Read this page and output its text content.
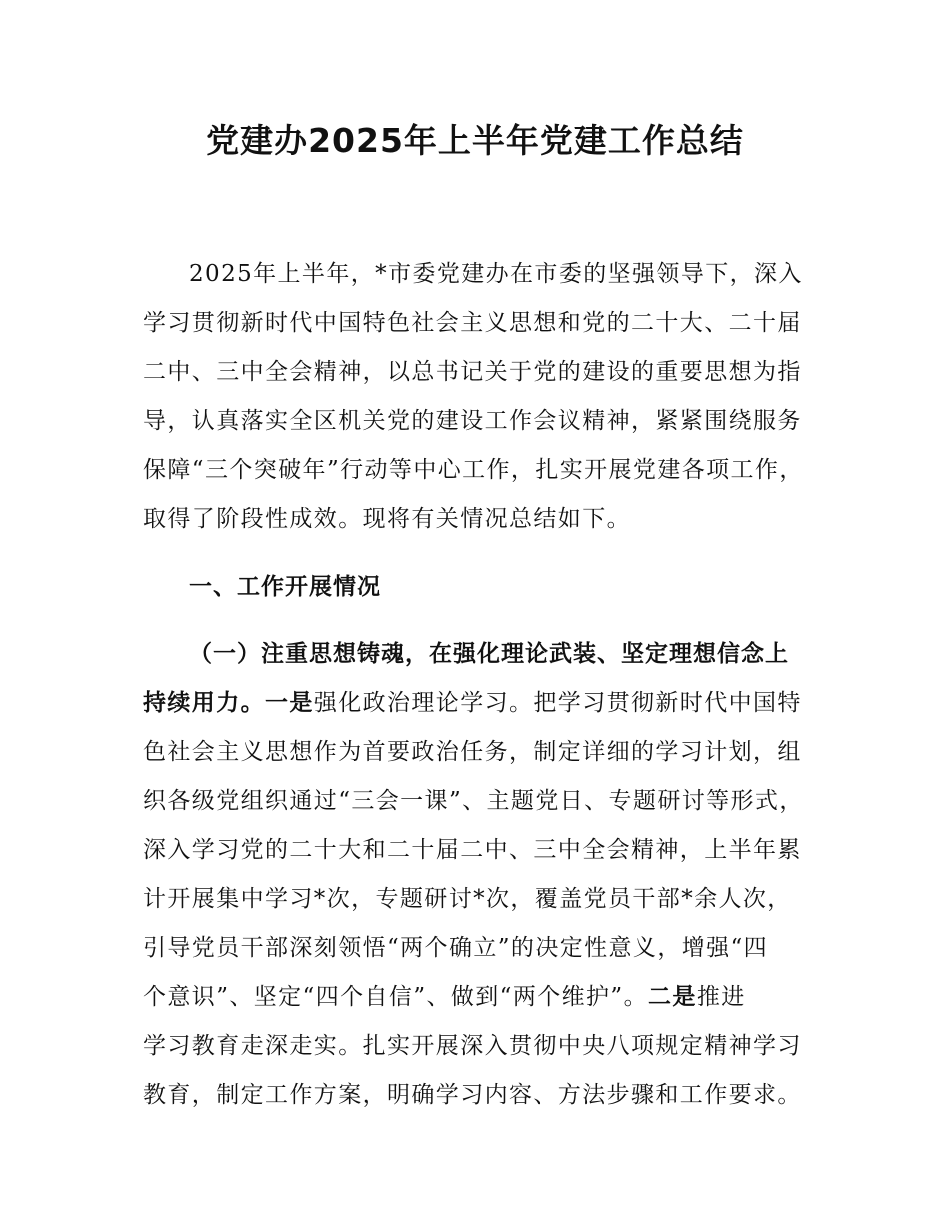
党建办2025年上半年党建工作总结
2025年上半年，*市委党建办在市委的坚强领导下，深入
学习贯彻新时代中国特色社会主义思想和党的二十大、二十届
二中、三中全会精神，以总书记关于党的建设的重要思想为指
导，认真落实全区机关党的建设工作会议精神，紧紧围绕服务
保障“三个突破年”行动等中心工作，扎实开展党建各项工作，
取得了阶段性成效。现将有关情况总结如下。
一、工作开展情况
（一）注重思想铸魂，在强化理论武装、坚定理想信念上
持续用力。一是强化政治理论学习。把学习贯彻新时代中国特
色社会主义思想作为首要政治任务，制定详细的学习计划，组
织各级党组织通过“三会一课”、主题党日、专题研讨等形式，
深入学习党的二十大和二十届二中、三中全会精神，上半年累
计开展集中学习*次，专题研讨*次，覆盖党员干部*余人次，
引导党员干部深刻领悟“两个确立”的决定性意义，增强“四
个意识”、坚定“四个自信”、做到“两个维护”。二是推进
学习教育走深走实。扎实开展深入贯彻中央八项规定精神学习
教育，制定工作方案，明确学习内容、方法步骤和工作要求。
